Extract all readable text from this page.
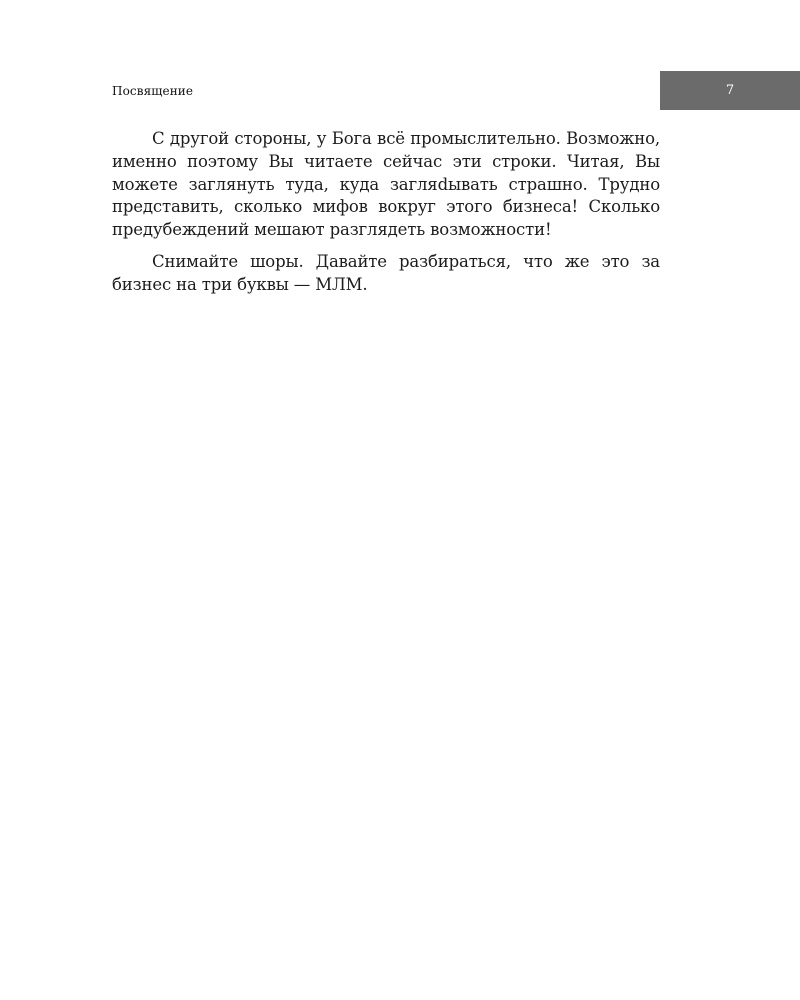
Посвящение	7

С другой стороны, у Бога всё промыслительно. Возможно, именно поэтому Вы читаете сейчас эти строки. Читая, Вы можете заглянуть туда, куда загляdывать страшно. Трудно представить, сколько мифов вокруг этого бизнеса! Сколько предубеждений мешают разглядеть возможности!

Снимайте шоры. Давайте разбираться, что же это за бизнес на три буквы — МЛМ.
